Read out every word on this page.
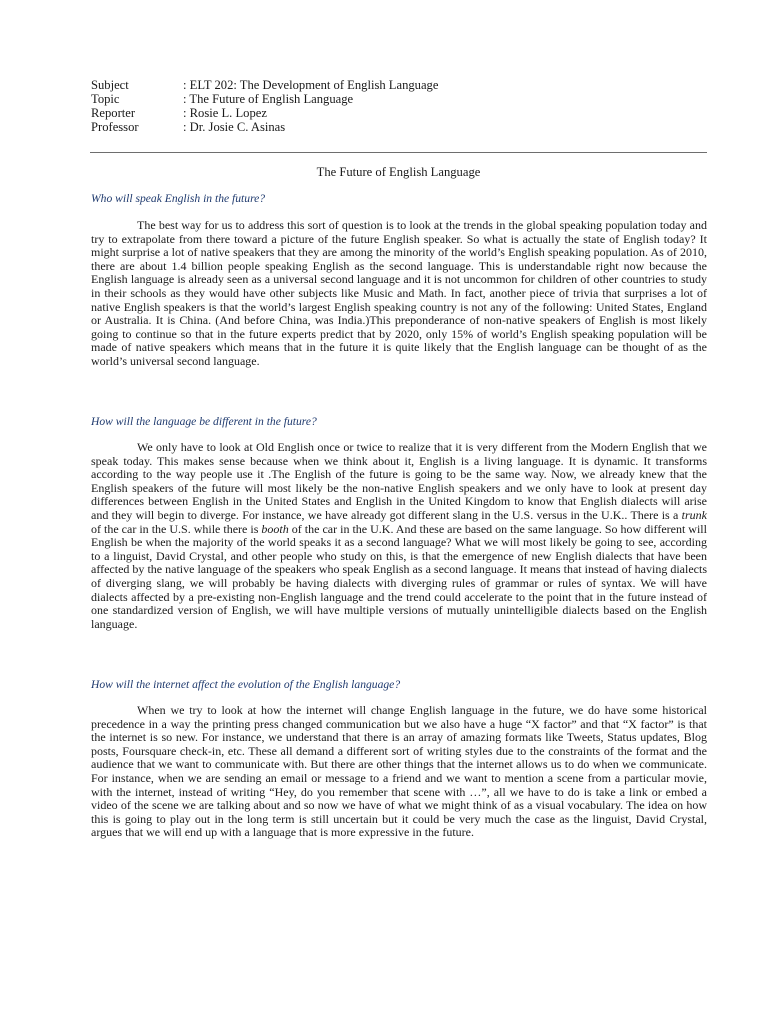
Subject	: ELT 202: The Development of English Language
Topic	: The Future of English Language
Reporter	: Rosie L. Lopez
Professor	: Dr. Josie C. Asinas
The Future of English Language
Who will speak English in the future?

The best way for us to address this sort of question is to look at the trends in the global speaking population today and try to extrapolate from there toward a picture of the future English speaker. So what is actually the state of English today? It might surprise a lot of native speakers that they are among the minority of the world’s English speaking population. As of 2010, there are about 1.4 billion people speaking English as the second language. This is understandable right now because the English language is already seen as a universal second language and it is not uncommon for children of other countries to study in their schools as they would have other subjects like Music and Math. In fact, another piece of trivia that surprises a lot of native English speakers is that the world’s largest English speaking country is not any of the following: United States, England or Australia. It is China. (And before China, was India.)This preponderance of non-native speakers of English is most likely going to continue so that in the future experts predict that by 2020, only 15% of world’s English speaking population will be made of native speakers which means that in the future it is quite likely that the English language can be thought of as the world’s universal second language.

How will the language be different in the future?

We only have to look at Old English once or twice to realize that it is very different from the Modern English that we speak today. This makes sense because when we think about it, English is a living language. It is dynamic. It transforms according to the way people use it .The English of the future is going to be the same way. Now, we already knew that the English speakers of the future will most likely be the non-native English speakers and we only have to look at present day differences between English in the United States and English in the United Kingdom to know that English dialects will arise and they will begin to diverge. For instance, we have already got different slang in the U.S. versus in the U.K.. There is a trunk of the car in the U.S. while there is booth of the car in the U.K. And these are based on the same language. So how different will English be when the majority of the world speaks it as a second language? What we will most likely be going to see, according to a linguist, David Crystal, and other people who study on this, is that the emergence of new English dialects that have been affected by the native language of the speakers who speak English as a second language. It means that instead of having dialects of diverging slang, we will probably be having dialects with diverging rules of grammar or rules of syntax. We will have dialects affected by a pre-existing non-English language and the trend could accelerate to the point that in the future instead of one standardized version of English, we will have multiple versions of mutually unintelligible dialects based on the English language.

How will the internet affect the evolution of the English language?

When we try to look at how the internet will change English language in the future, we do have some historical precedence in a way the printing press changed communication but we also have a huge “X factor” and that “X factor” is that the internet is so new. For instance, we understand that there is an array of amazing formats like Tweets, Status updates, Blog posts, Foursquare check-in, etc. These all demand a different sort of writing styles due to the constraints of the format and the audience that we want to communicate with. But there are other things that the internet allows us to do when we communicate. For instance, when we are sending an email or message to a friend and we want to mention a scene from a particular movie, with the internet, instead of writing “Hey, do you remember that scene with …”, all we have to do is take a link or embed a video of the scene we are talking about and so now we have of what we might think of as a visual vocabulary. The idea on how this is going to play out in the long term is still uncertain but it could be very much the case as the linguist, David Crystal, argues that we will end up with a language that is more expressive in the future.
